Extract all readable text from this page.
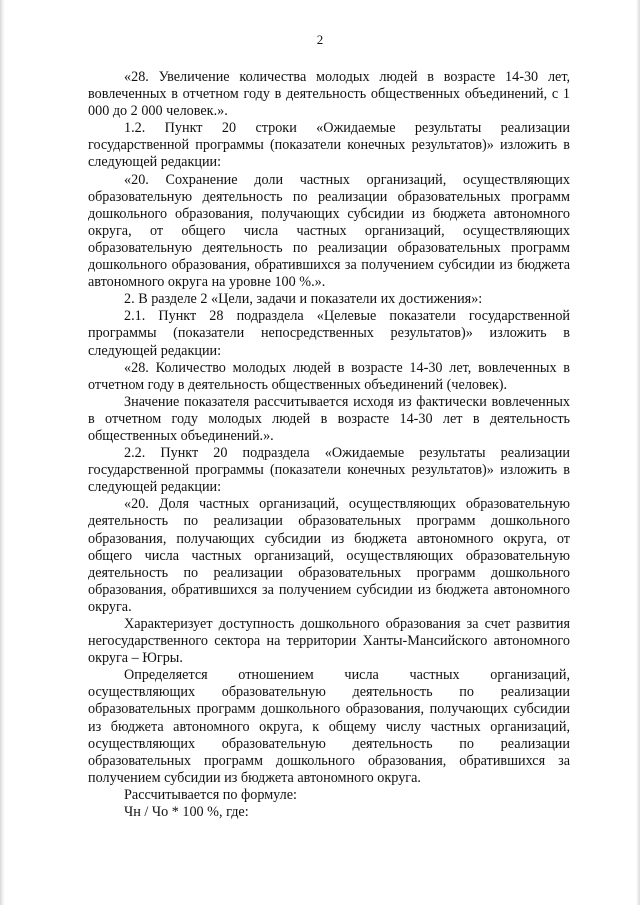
2

«28. Увеличение количества молодых людей в возрасте 14-30 лет, вовлеченных в отчетном году в деятельность общественных объединений, с 1 000 до 2 000 человек.».

1.2. Пункт 20 строки «Ожидаемые результаты реализации государственной программы (показатели конечных результатов)» изложить в следующей редакции:

«20. Сохранение доли частных организаций, осуществляющих образовательную деятельность по реализации образовательных программ дошкольного образования, получающих субсидии из бюджета автономного округа, от общего числа частных организаций, осуществляющих образовательную деятельность по реализации образовательных программ дошкольного образования, обратившихся за получением субсидии из бюджета автономного округа на уровне 100 %.».

2. В разделе 2 «Цели, задачи и показатели их достижения»:

2.1. Пункт 28 подраздела «Целевые показатели государственной программы (показатели непосредственных результатов)» изложить в следующей редакции:

«28. Количество молодых людей в возрасте 14-30 лет, вовлеченных в отчетном году в деятельность общественных объединений (человек).

Значение показателя рассчитывается исходя из фактически вовлеченных в отчетном году молодых людей в возрасте 14-30 лет в деятельность общественных объединений.».

2.2. Пункт 20 подраздела «Ожидаемые результаты реализации государственной программы (показатели конечных результатов)» изложить в следующей редакции:

«20. Доля частных организаций, осуществляющих образовательную деятельность по реализации образовательных программ дошкольного образования, получающих субсидии из бюджета автономного округа, от общего числа частных организаций, осуществляющих образовательную деятельность по реализации образовательных программ дошкольного образования, обратившихся за получением субсидии из бюджета автономного округа.

Характеризует доступность дошкольного образования за счет развития негосударственного сектора на территории Ханты-Мансийского автономного округа – Югры.

Определяется отношением числа частных организаций, осуществляющих образовательную деятельность по реализации образовательных программ дошкольного образования, получающих субсидии из бюджета автономного округа, к общему числу частных организаций, осуществляющих образовательную деятельность по реализации образовательных программ дошкольного образования, обратившихся за получением субсидии из бюджета автономного округа.

Рассчитывается по формуле:

Чн / Чо * 100 %, где:
